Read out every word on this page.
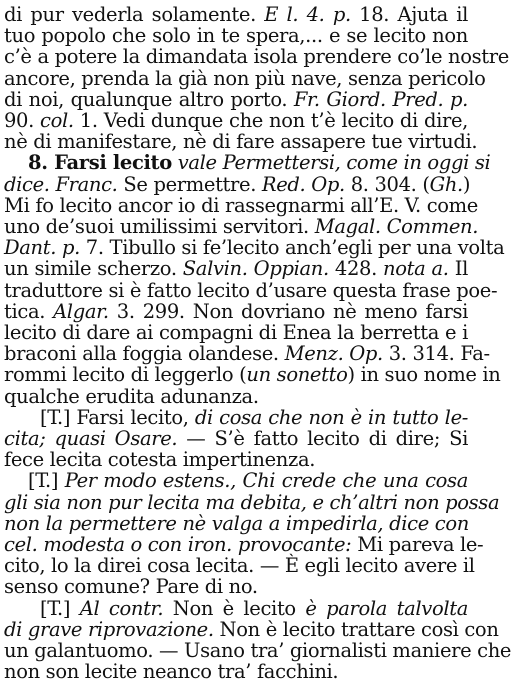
di pur vederla solamente. E l. 4. p. 18. Ajuta il
tuo popolo che solo in te spera,... e se lecito non
c’è a potere la dimandata isola prendere co’le nostre
ancore, prenda la già non più nave, senza pericolo
di noi, qualunque altro porto. Fr. Giord. Pred. p.
90. col. 1. Vedi dunque che non t’è lecito di dire,
nè di manifestare, nè di fare assapere tue virtudi.
8. Farsi lecito vale Permettersi, come in oggi si
dice. Franc. Se permettre. Red. Op. 8. 304. (Gh.)
Mi fo lecito ancor io di rassegnarmi all’E. V. come
uno de’suoi umilissimi servitori. Magal. Commen.
Dant. p. 7. Tibullo si fe’lecito anch’egli per una volta
un simile scherzo. Salvin. Oppian. 428. nota a. Il
traduttore si è fatto lecito d’usare questa frase poe-
tica. Algar. 3. 299. Non dovriano nè meno farsi
lecito di dare ai compagni di Enea la berretta e i
braconi alla foggia olandese. Menz. Op. 3. 314. Fa-
rommi lecito di leggerlo (un sonetto) in suo nome in
qualche erudita adunanza.
[T.] Farsi lecito, di cosa che non è in tutto le-
cita; quasi Osare. — S’è fatto lecito di dire; Si
fece lecita cotesta impertinenza.
[T.] Per modo estens., Chi crede che una cosa
gli sia non pur lecita ma debita, e ch’altri non possa
non la permettere nè valga a impedirla, dice con
cel. modesta o con iron. provocante: Mi pareva le-
cito, lo la direi cosa lecita. — È egli lecito avere il
senso comune? Pare di no.
[T.] Al contr. Non è lecito è parola talvolta
di grave riprovazione. Non è lecito trattare così con
un galantuomo. — Usano tra’ giornalisti maniere che
non son lecite neanco tra’ facchini.
